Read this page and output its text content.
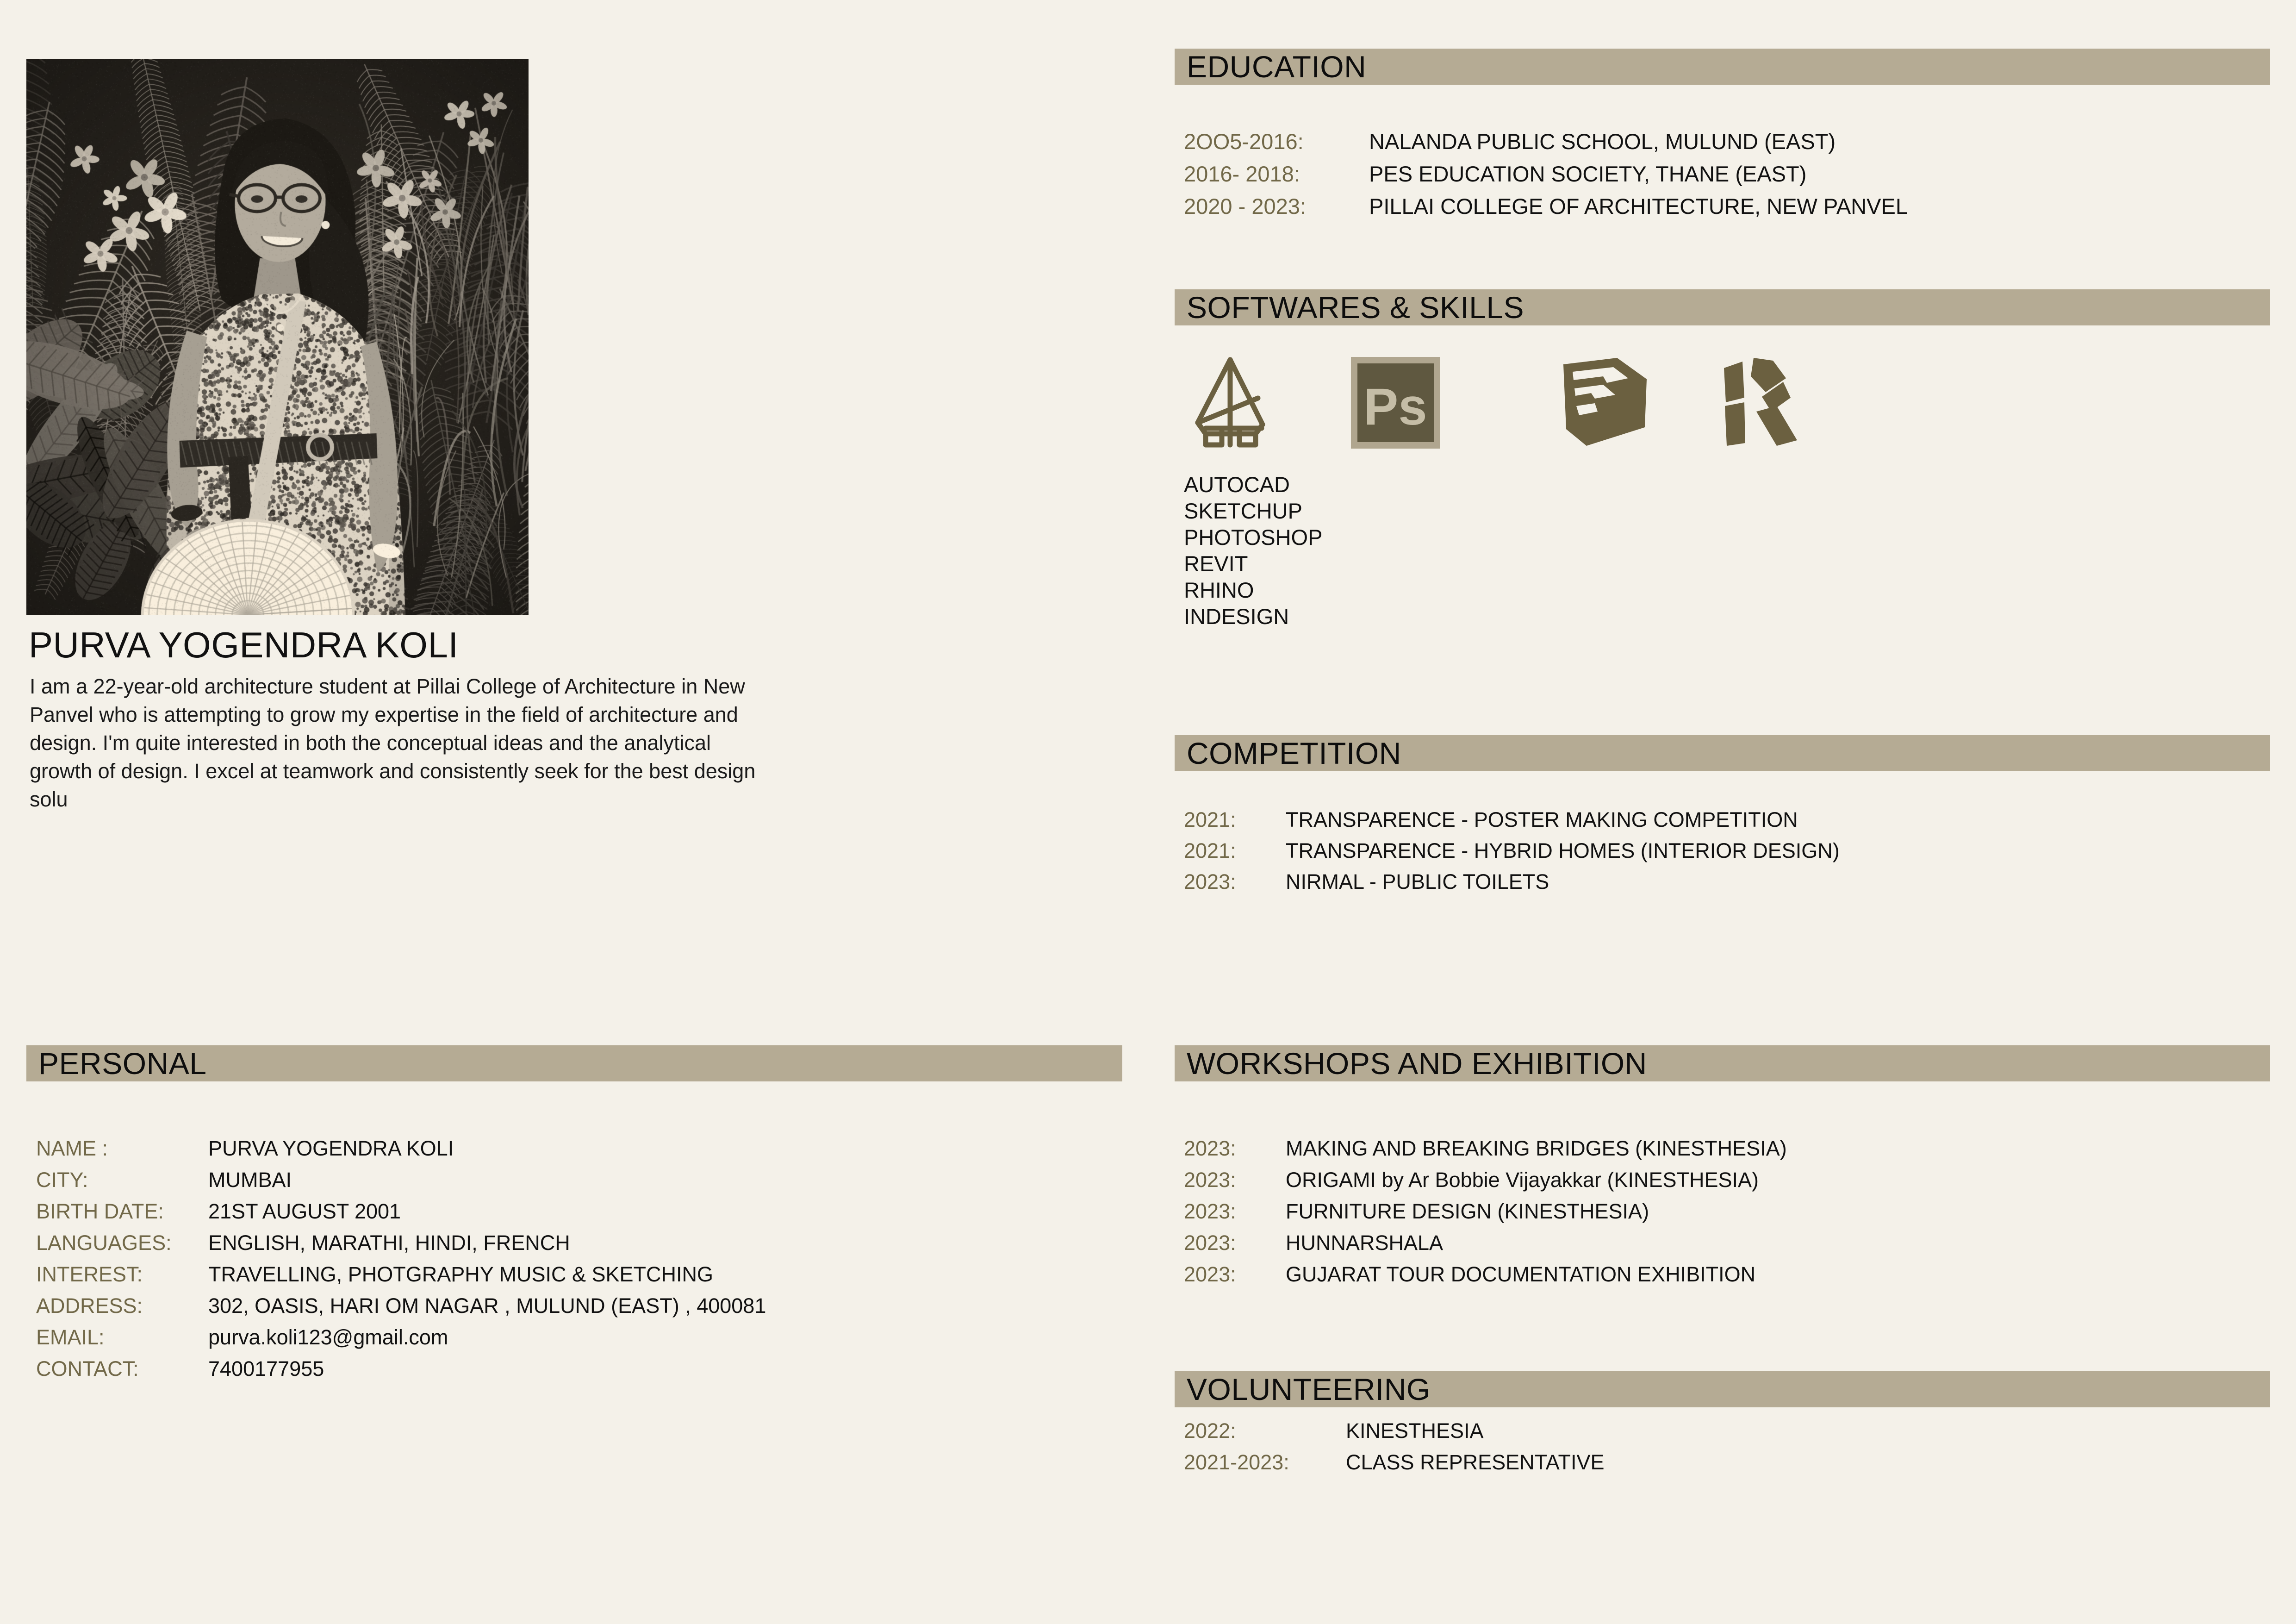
PURVA YOGENDRA KOLI
I am a 22-year-old architecture student at Pillai College of Architecture in New Panvel who is attempting to grow my expertise in the field of architecture and design. I'm quite interested in both the conceptual ideas and the analytical growth of design. I excel at teamwork and consistently seek for the best design solu
EDUCATION
2OO5-2016:	NALANDA PUBLIC SCHOOL, MULUND (EAST)
2016- 2018:	PES EDUCATION SOCIETY, THANE (EAST)
2020 - 2023:	PILLAI COLLEGE OF ARCHITECTURE, NEW PANVEL
SOFTWARES & SKILLS
Ps
AUTOCAD
SKETCHUP
PHOTOSHOP
REVIT
RHINO
INDESIGN
COMPETITION
2021:	TRANSPARENCE - POSTER MAKING COMPETITION
2021:	TRANSPARENCE - HYBRID HOMES (INTERIOR DESIGN)
2023:	NIRMAL - PUBLIC TOILETS
PERSONAL
NAME :	PURVA YOGENDRA KOLI
CITY:	MUMBAI
BIRTH DATE:	21ST AUGUST 2001
LANGUAGES:	ENGLISH, MARATHI, HINDI, FRENCH
INTEREST:	TRAVELLING, PHOTGRAPHY MUSIC & SKETCHING
ADDRESS:	302, OASIS, HARI OM NAGAR , MULUND (EAST) , 400081
EMAIL:	purva.koli123@gmail.com
CONTACT:	7400177955
WORKSHOPS AND EXHIBITION
2023:	MAKING AND BREAKING BRIDGES (KINESTHESIA)
2023:	ORIGAMI by Ar Bobbie Vijayakkar (KINESTHESIA)
2023:	FURNITURE DESIGN (KINESTHESIA)
2023:	HUNNARSHALA
2023:	GUJARAT TOUR DOCUMENTATION EXHIBITION
VOLUNTEERING
2022:	KINESTHESIA
2021-2023:	CLASS REPRESENTATIVE
